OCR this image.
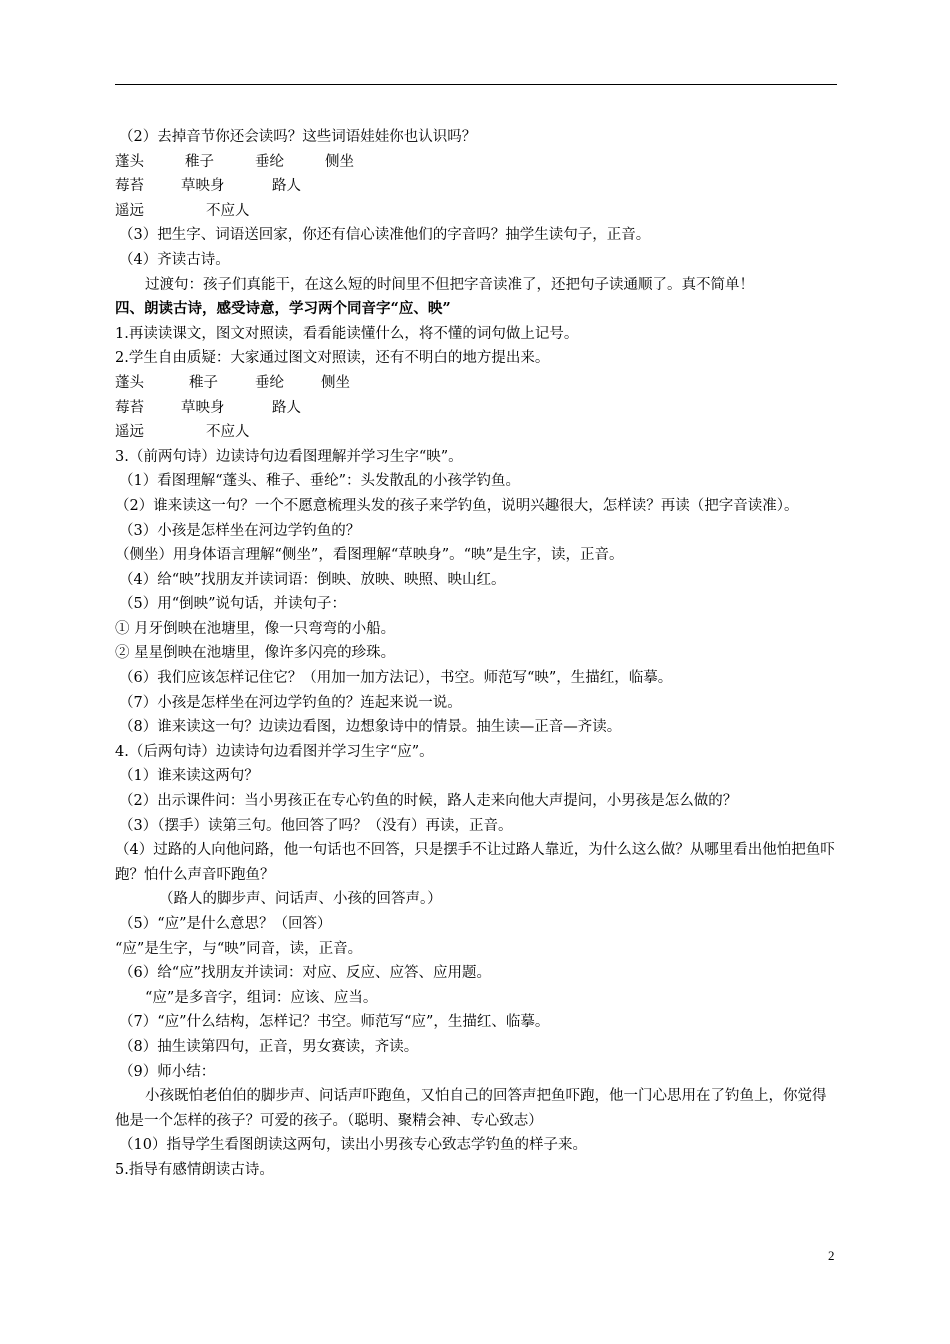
（2）去掉音节你还会读吗？这些词语娃娃你也认识吗？
蓬头	稚子	垂纶	侧坐
莓苔	草映身	路人
遥远	不应人
（3）把生字、词语送回家，你还有信心读准他们的字音吗？抽学生读句子，正音。
（4）齐读古诗。
过渡句：孩子们真能干，在这么短的时间里不但把字音读准了，还把句子读通顺了。真不简单！
四、朗读古诗，感受诗意，学习两个同音字“应、映”
1.再读读课文，图文对照读，看看能读懂什么，将不懂的词句做上记号。
2.学生自由质疑：大家通过图文对照读，还有不明白的地方提出来。
蓬头	稚子	垂纶	侧坐
莓苔	草映身	路人
遥远	不应人
3.（前两句诗）边读诗句边看图理解并学习生字“映”。
（1）看图理解“蓬头、稚子、垂纶”：头发散乱的小孩学钓鱼。
（2）谁来读这一句？一个不愿意梳理头发的孩子来学钓鱼，说明兴趣很大，怎样读？再读（把字音读准）。
（3）小孩是怎样坐在河边学钓鱼的？
（侧坐）用身体语言理解“侧坐”，看图理解“草映身”。“映”是生字，读，正音。
（4）给“映”找朋友并读词语：倒映、放映、映照、映山红。
（5）用“倒映”说句话，并读句子：
① 月牙倒映在池塘里，像一只弯弯的小船。
② 星星倒映在池塘里，像许多闪亮的珍珠。
（6）我们应该怎样记住它？（用加一加方法记），书空。师范写“映”，生描红，临摹。
（7）小孩是怎样坐在河边学钓鱼的？连起来说一说。
（8）谁来读这一句？边读边看图，边想象诗中的情景。抽生读—正音—齐读。
4.（后两句诗）边读诗句边看图并学习生字“应”。
（1）谁来读这两句？
（2）出示课件问：当小男孩正在专心钓鱼的时候，路人走来向他大声提问，小男孩是怎么做的？
（3）（摆手）读第三句。他回答了吗？（没有）再读，正音。
（4）过路的人向他问路，他一句话也不回答，只是摆手不让过路人靠近，为什么这么做？从哪里看出他怕把鱼吓跑？怕什么声音吓跑鱼？
（路人的脚步声、问话声、小孩的回答声。）
（5）“应”是什么意思？（回答）
“应”是生字，与“映”同音，读，正音。
（6）给“应”找朋友并读词：对应、反应、应答、应用题。
“应”是多音字，组词：应该、应当。
（7）“应”什么结构，怎样记？书空。师范写“应”，生描红、临摹。
（8）抽生读第四句，正音，男女赛读，齐读。
（9）师小结：
小孩既怕老伯伯的脚步声、问话声吓跑鱼，又怕自己的回答声把鱼吓跑，他一门心思用在了钓鱼上，你觉得他是一个怎样的孩子？可爱的孩子。（聪明、聚精会神、专心致志）
（10）指导学生看图朗读这两句，读出小男孩专心致志学钓鱼的样子来。
5.指导有感情朗读古诗。
2
